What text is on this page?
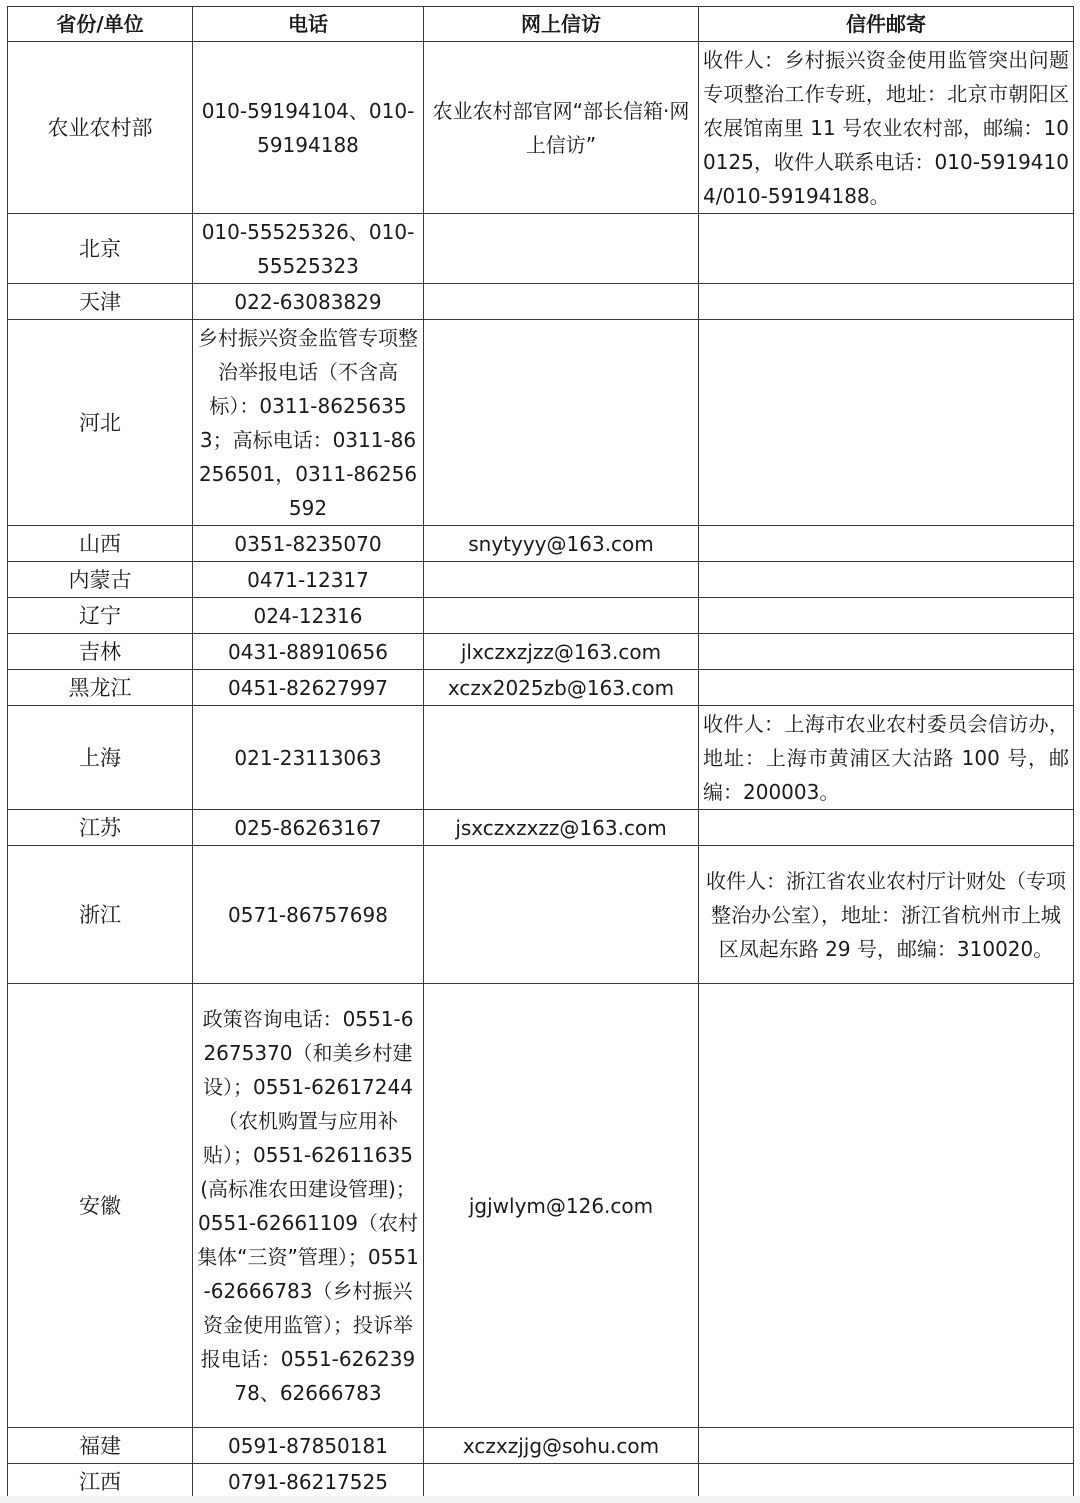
省份/单位	电话	网上信访	信件邮寄
农业农村部	010-59194104、010-59194188	农业农村部官网“部长信箱·网上信访”	收件人：乡村振兴资金使用监管突出问题专项整治工作专班，地址：北京市朝阳区农展馆南里 11 号农业农村部，邮编：100125，收件人联系电话：010-59194104/010-59194188。
北京	010-55525326、010-55525323		
天津	022-63083829		
河北	乡村振兴资金监管专项整治举报电话（不含高标）：0311-86256353；高标电话：0311-86256501，0311-86256592		
山西	0351-8235070	snytyyy@163.com	
内蒙古	0471-12317		
辽宁	024-12316		
吉林	0431-88910656	jlxczxzjzz@163.com	
黑龙江	0451-82627997	xczx2025zb@163.com	
上海	021-23113063		收件人：上海市农业农村委员会信访办，地址：上海市黄浦区大沽路 100 号，邮编：200003。
江苏	025-86263167	jsxczxzxzz@163.com	
浙江	0571-86757698		收件人：浙江省农业农村厅计财处（专项整治办公室），地址：浙江省杭州市上城区凤起东路 29 号，邮编：310020。
安徽	政策咨询电话：0551-62675370（和美乡村建设）；0551-62617244（农机购置与应用补贴）；0551-62611635 (高标准农田建设管理)；0551-62661109（农村集体“三资”管理）；0551-62666783（乡村振兴资金使用监管）；投诉举报电话：0551-62623978、62666783	jgjwlym@126.com	
福建	0591-87850181	xczxzjjg@sohu.com	
江西	0791-86217525		
